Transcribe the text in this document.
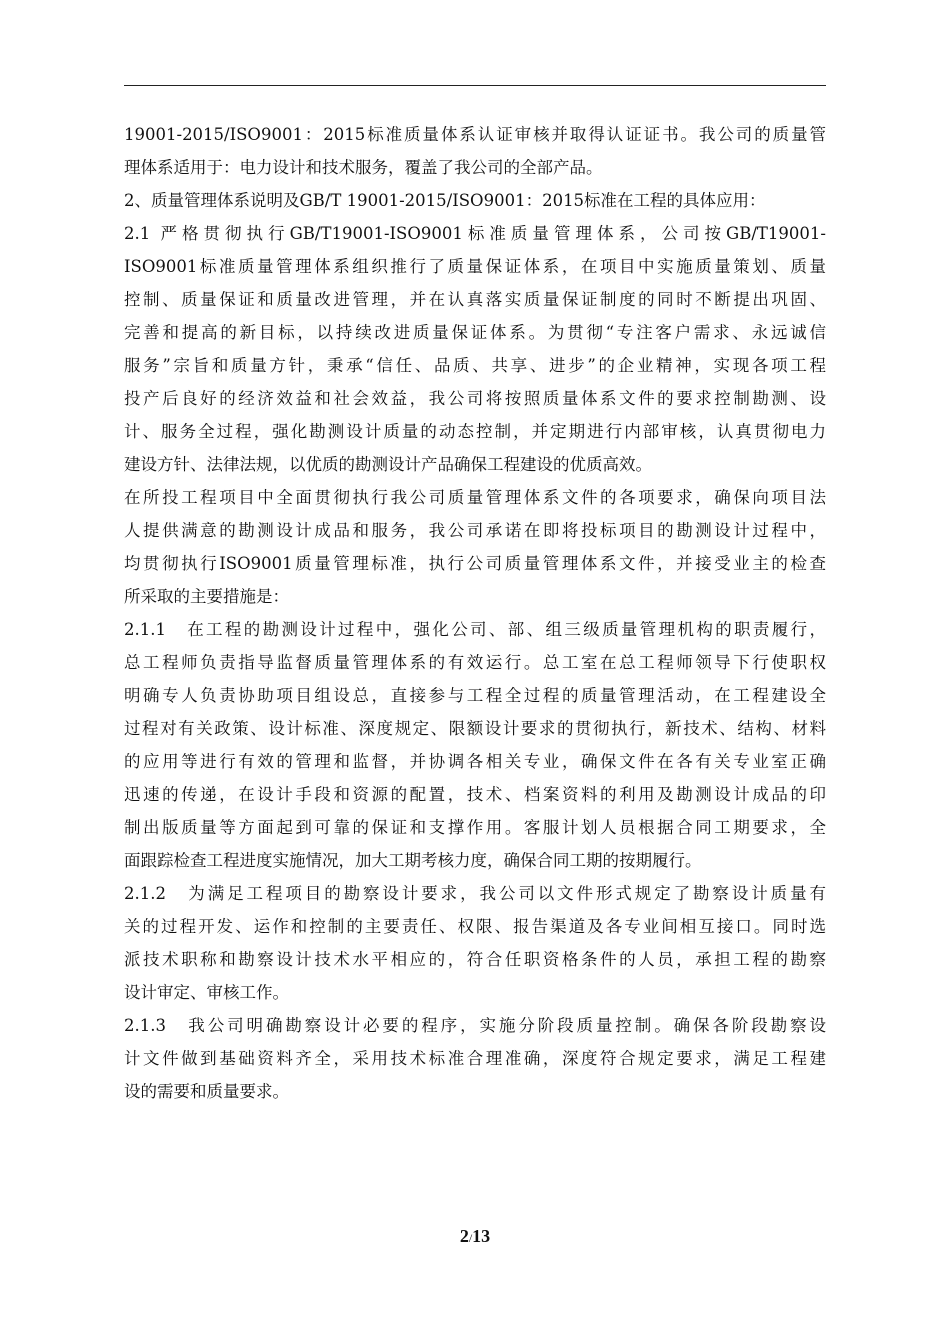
19001-2015/ISO9001：2015标准质量体系认证审核并取得认证证书。我公司的质量管
理体系适用于：电力设计和技术服务，覆盖了我公司的全部产品。
2、质量管理体系说明及GB/T 19001-2015/ISO9001：2015标准在工程的具体应用：
2.1 严格贯彻执行GB/T19001-ISO9001标准质量管理体系，公司按GB/T19001-
ISO9001标准质量管理体系组织推行了质量保证体系，在项目中实施质量策划、质量
控制、质量保证和质量改进管理，并在认真落实质量保证制度的同时不断提出巩固、
完善和提高的新目标，以持续改进质量保证体系。为贯彻“专注客户需求、永远诚信
服务”宗旨和质量方针，秉承“信任、品质、共享、进步”的企业精神，实现各项工程
投产后良好的经济效益和社会效益，我公司将按照质量体系文件的要求控制勘测、设
计、服务全过程，强化勘测设计质量的动态控制，并定期进行内部审核，认真贯彻电力
建设方针、法律法规，以优质的勘测设计产品确保工程建设的优质高效。
在所投工程项目中全面贯彻执行我公司质量管理体系文件的各项要求，确保向项目法
人提供满意的勘测设计成品和服务，我公司承诺在即将投标项目的勘测设计过程中，
均贯彻执行ISO9001质量管理标准，执行公司质量管理体系文件，并接受业主的检查
所采取的主要措施是：
2.1.1　在工程的勘测设计过程中，强化公司、部、组三级质量管理机构的职责履行，
总工程师负责指导监督质量管理体系的有效运行。总工室在总工程师领导下行使职权
明确专人负责协助项目组设总，直接参与工程全过程的质量管理活动，在工程建设全
过程对有关政策、设计标准、深度规定、限额设计要求的贯彻执行，新技术、结构、材料
的应用等进行有效的管理和监督，并协调各相关专业，确保文件在各有关专业室正确
迅速的传递，在设计手段和资源的配置，技术、档案资料的利用及勘测设计成品的印
制出版质量等方面起到可靠的保证和支撑作用。客服计划人员根据合同工期要求，全
面跟踪检查工程进度实施情况，加大工期考核力度，确保合同工期的按期履行。
2.1.2　为满足工程项目的勘察设计要求，我公司以文件形式规定了勘察设计质量有
关的过程开发、运作和控制的主要责任、权限、报告渠道及各专业间相互接口。同时选
派技术职称和勘察设计技术水平相应的，符合任职资格条件的人员，承担工程的勘察
设计审定、审核工作。
2.1.3　我公司明确勘察设计必要的程序，实施分阶段质量控制。确保各阶段勘察设
计文件做到基础资料齐全，采用技术标准合理准确，深度符合规定要求，满足工程建
设的需要和质量要求。
2/13
